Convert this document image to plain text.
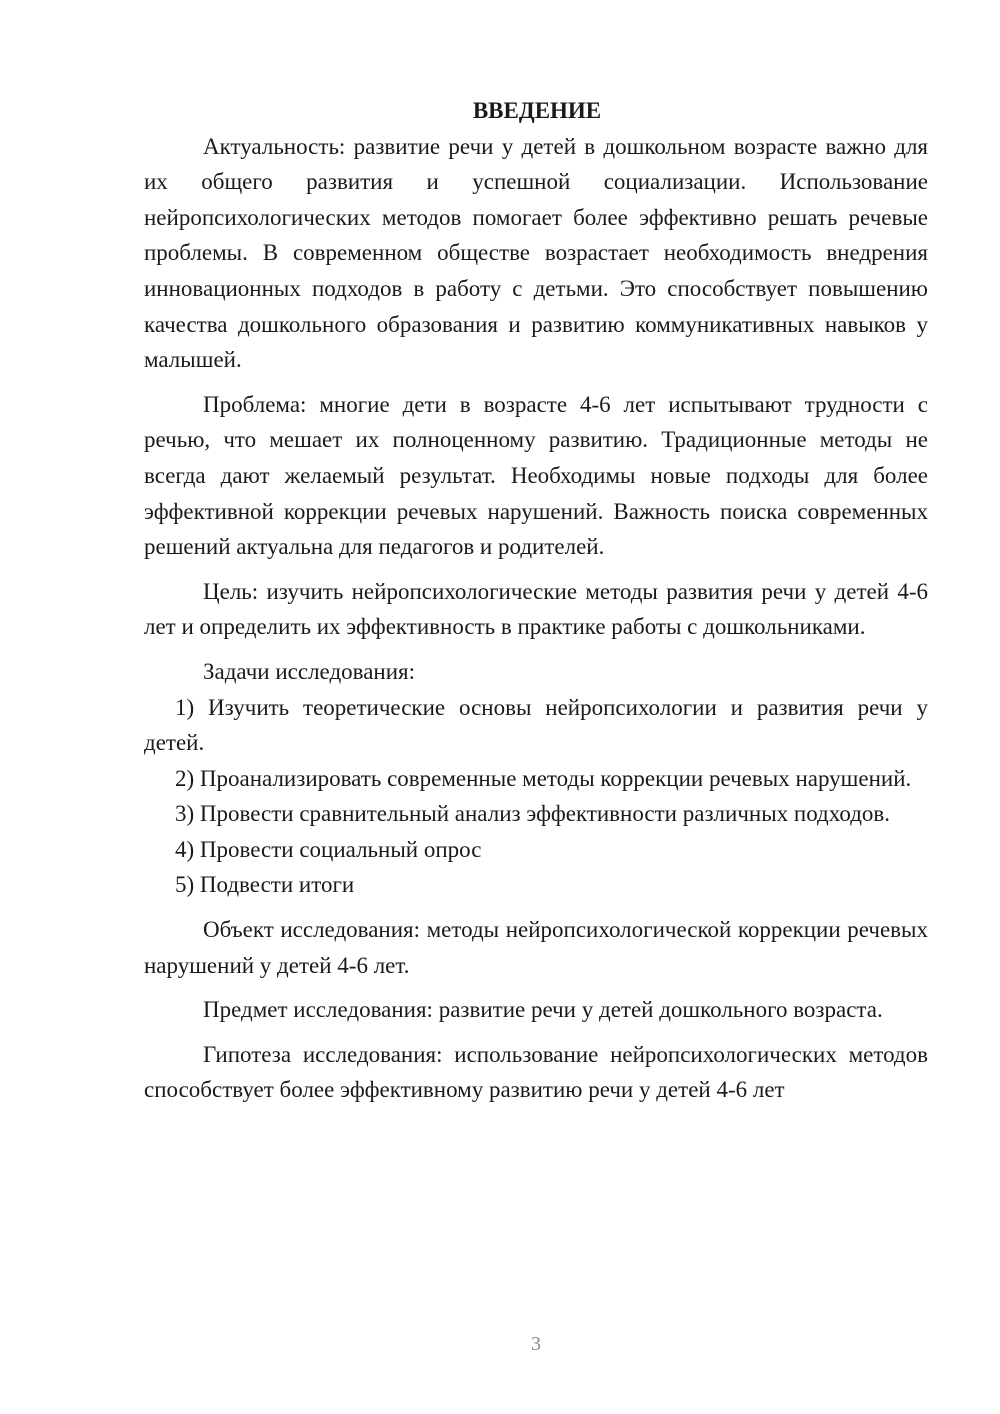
ВВЕДЕНИЕ

Актуальность: развитие речи у детей в дошкольном возрасте важно для их общего развития и успешной социализации. Использование нейропсихологических методов помогает более эффективно решать речевые проблемы. В современном обществе возрастает необходимость внедрения инновационных подходов в работу с детьми. Это способствует повышению качества дошкольного образования и развитию коммуникативных навыков у малышей.

Проблема: многие дети в возрасте 4-6 лет испытывают трудности с речью, что мешает их полноценному развитию. Традиционные методы не всегда дают желаемый результат. Необходимы новые подходы для более эффективной коррекции речевых нарушений. Важность поиска современных решений актуальна для педагогов и родителей.

Цель: изучить нейропсихологические методы развития речи у детей 4-6 лет и определить их эффективность в практике работы с дошкольниками.

Задачи исследования:

1) Изучить теоретические основы нейропсихологии и развития речи у детей.

2) Проанализировать современные методы коррекции речевых нарушений.

3) Провести сравнительный анализ эффективности различных подходов.

4) Провести социальный опрос

5) Подвести итоги

Объект исследования: методы нейропсихологической коррекции речевых нарушений у детей 4-6 лет.

Предмет исследования: развитие речи у детей дошкольного возраста.

Гипотеза исследования: использование нейропсихологических методов способствует более эффективному развитию речи у детей 4-6 лет

3
